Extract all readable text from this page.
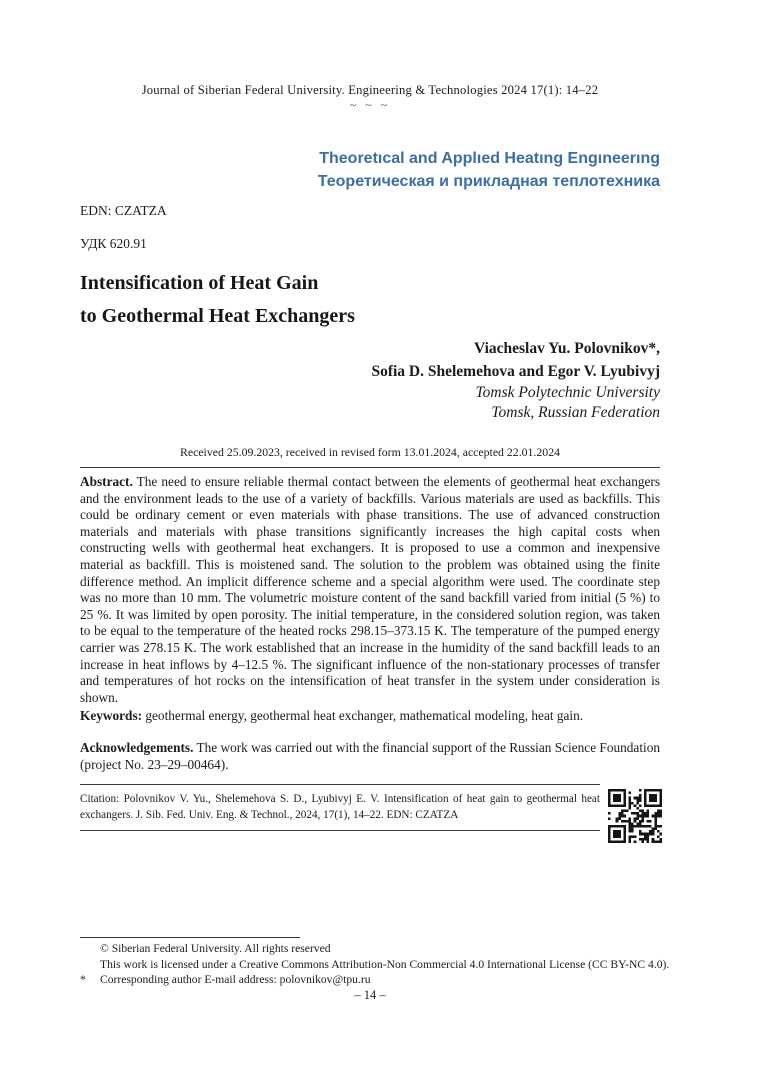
Journal of Siberian Federal University. Engineering & Technologies 2024 17(1): 14–22
~ ~ ~
Theoretıcal and Applıed Heatıng Engıneerıng
Теоретическая и прикладная теплотехника
EDN: CZATZA
УДК 620.91
Intensification of Heat Gain
to Geothermal Heat Exchangers
Viacheslav Yu. Polovnikov*,
Sofia D. Shelemehova and Egor V. Lyubivyj
Tomsk Polytechnic University
Tomsk, Russian Federation
Received 25.09.2023, received in revised form 13.01.2024, accepted 22.01.2024
Abstract. The need to ensure reliable thermal contact between the elements of geothermal heat exchangers and the environment leads to the use of a variety of backfills. Various materials are used as backfills. This could be ordinary cement or even materials with phase transitions. The use of advanced construction materials and materials with phase transitions significantly increases the high capital costs when constructing wells with geothermal heat exchangers. It is proposed to use a common and inexpensive material as backfill. This is moistened sand. The solution to the problem was obtained using the finite difference method. An implicit difference scheme and a special algorithm were used. The coordinate step was no more than 10 mm. The volumetric moisture content of the sand backfill varied from initial (5 %) to 25 %. It was limited by open porosity. The initial temperature, in the considered solution region, was taken to be equal to the temperature of the heated rocks 298.15–373.15 K. The temperature of the pumped energy carrier was 278.15 K. The work established that an increase in the humidity of the sand backfill leads to an increase in heat inflows by 4–12.5 %. The significant influence of the non-stationary processes of transfer and temperatures of hot rocks on the intensification of heat transfer in the system under consideration is shown.
Keywords: geothermal energy, geothermal heat exchanger, mathematical modeling, heat gain.
Acknowledgements. The work was carried out with the financial support of the Russian Science Foundation (project No. 23–29–00464).
Citation: Polovnikov V. Yu., Shelemehova S. D., Lyubivyj E. V. Intensification of heat gain to geothermal heat exchangers. J. Sib. Fed. Univ. Eng. & Technol., 2024, 17(1), 14–22. EDN: CZATZA
© Siberian Federal University. All rights reserved
This work is licensed under a Creative Commons Attribution-Non Commercial 4.0 International License (CC BY-NC 4.0).
*	Corresponding author E-mail address: polovnikov@tpu.ru
– 14 –
